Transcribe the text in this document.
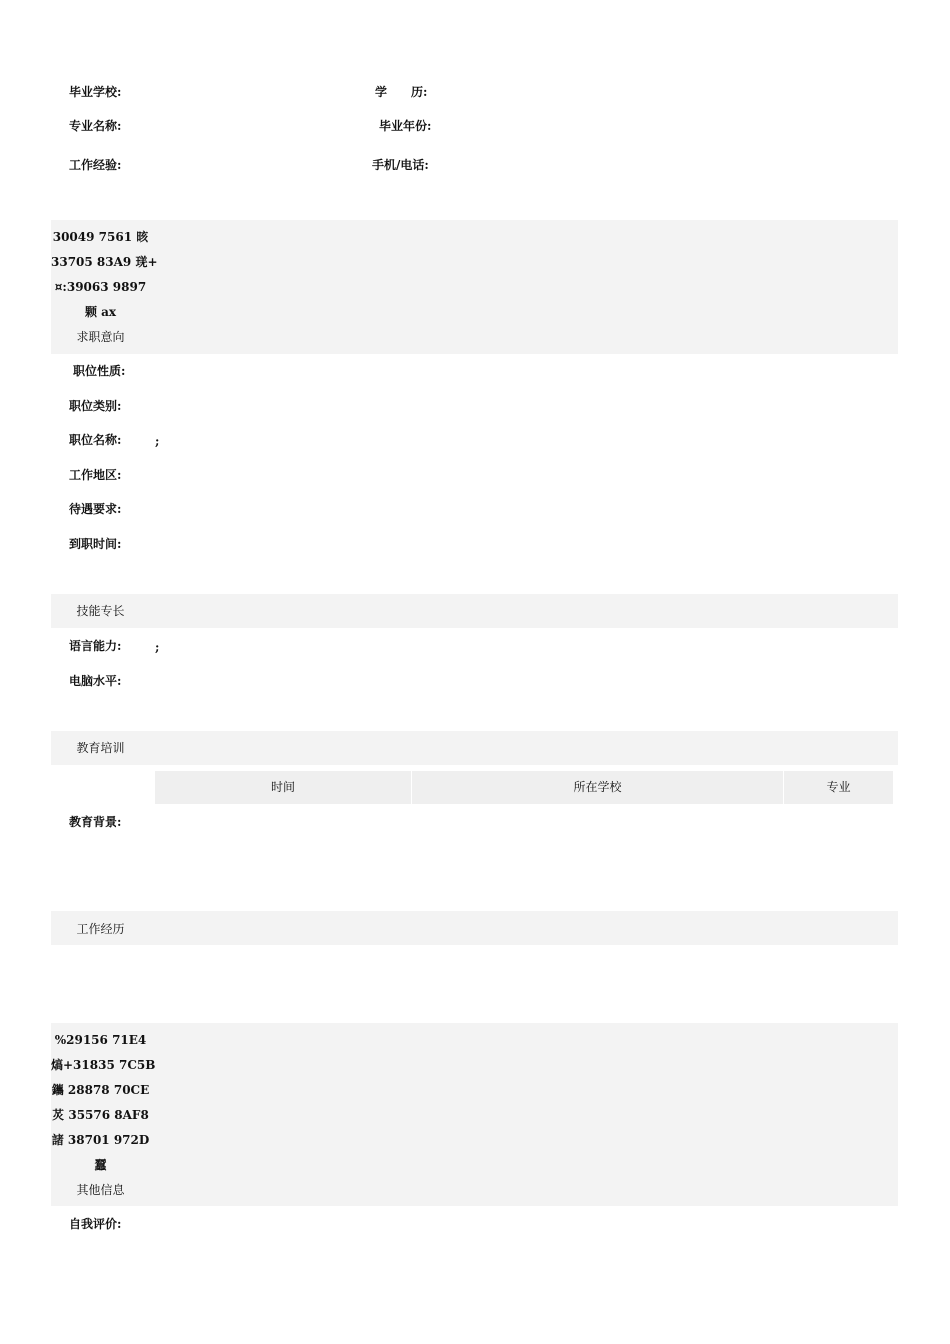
毕业学校:	学　　历:
专业名称:	毕业年份:
工作经验:	手机/电话:
30049 7561 晐
33705 83A9 琷+
¤:39063 9897
颗 ax
求职意向
职位性质:
职位类别:
职位名称:	;
工作地区:
待遇要求:
到职时间:
技能专长
语言能力:	;
电脑水平:
教育培训
时间	所在学校	专业
教育背景:
工作经历
%29156 71E4
熇+31835 7C5B
鑴 28878 70CE
炗 35576 8AF8
諸 38701 972D
蠶
其他信息
自我评价:
